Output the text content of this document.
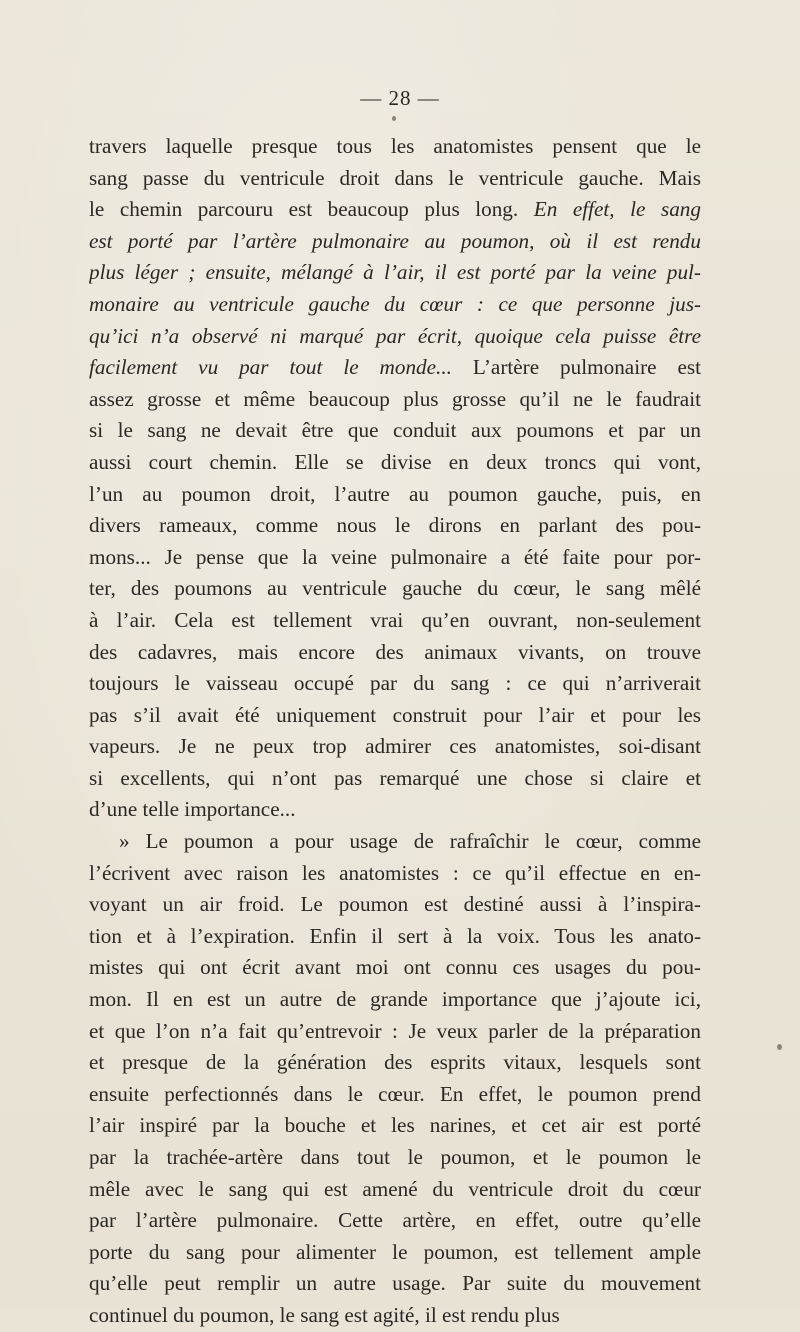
— 28 —
travers laquelle presque tous les anatomistes pensent que le
sang passe du ventricule droit dans le ventricule gauche. Mais
le chemin parcouru est beaucoup plus long. En effet, le sang
est porté par l’artère pulmonaire au poumon, où il est rendu
plus léger ; ensuite, mélangé à l’air, il est porté par la veine pul-
monaire au ventricule gauche du cœur : ce que personne jus-
qu’ici n’a observé ni marqué par écrit, quoique cela puisse être
facilement vu par tout le monde... L’artère pulmonaire est
assez grosse et même beaucoup plus grosse qu’il ne le faudrait
si le sang ne devait être que conduit aux poumons et par un
aussi court chemin. Elle se divise en deux troncs qui vont,
l’un au poumon droit, l’autre au poumon gauche, puis, en
divers rameaux, comme nous le dirons en parlant des pou-
mons... Je pense que la veine pulmonaire a été faite pour por-
ter, des poumons au ventricule gauche du cœur, le sang mêlé
à l’air. Cela est tellement vrai qu’en ouvrant, non-seulement
des cadavres, mais encore des animaux vivants, on trouve
toujours le vaisseau occupé par du sang : ce qui n’arriverait
pas s’il avait été uniquement construit pour l’air et pour les
vapeurs. Je ne peux trop admirer ces anatomistes, soi-disant
si excellents, qui n’ont pas remarqué une chose si claire et
d’une telle importance...
» Le poumon a pour usage de rafraîchir le cœur, comme
l’écrivent avec raison les anatomistes : ce qu’il effectue en en-
voyant un air froid. Le poumon est destiné aussi à l’inspira-
tion et à l’expiration. Enfin il sert à la voix. Tous les anato-
mistes qui ont écrit avant moi ont connu ces usages du pou-
mon. Il en est un autre de grande importance que j’ajoute ici,
et que l’on n’a fait qu’entrevoir : Je veux parler de la préparation
et presque de la génération des esprits vitaux, lesquels sont
ensuite perfectionnés dans le cœur. En effet, le poumon prend
l’air inspiré par la bouche et les narines, et cet air est porté
par la trachée-artère dans tout le poumon, et le poumon le
mêle avec le sang qui est amené du ventricule droit du cœur
par l’artère pulmonaire. Cette artère, en effet, outre qu’elle
porte du sang pour alimenter le poumon, est tellement ample
qu’elle peut remplir un autre usage. Par suite du mouvement
continuel du poumon, le sang est agité, il est rendu plus
